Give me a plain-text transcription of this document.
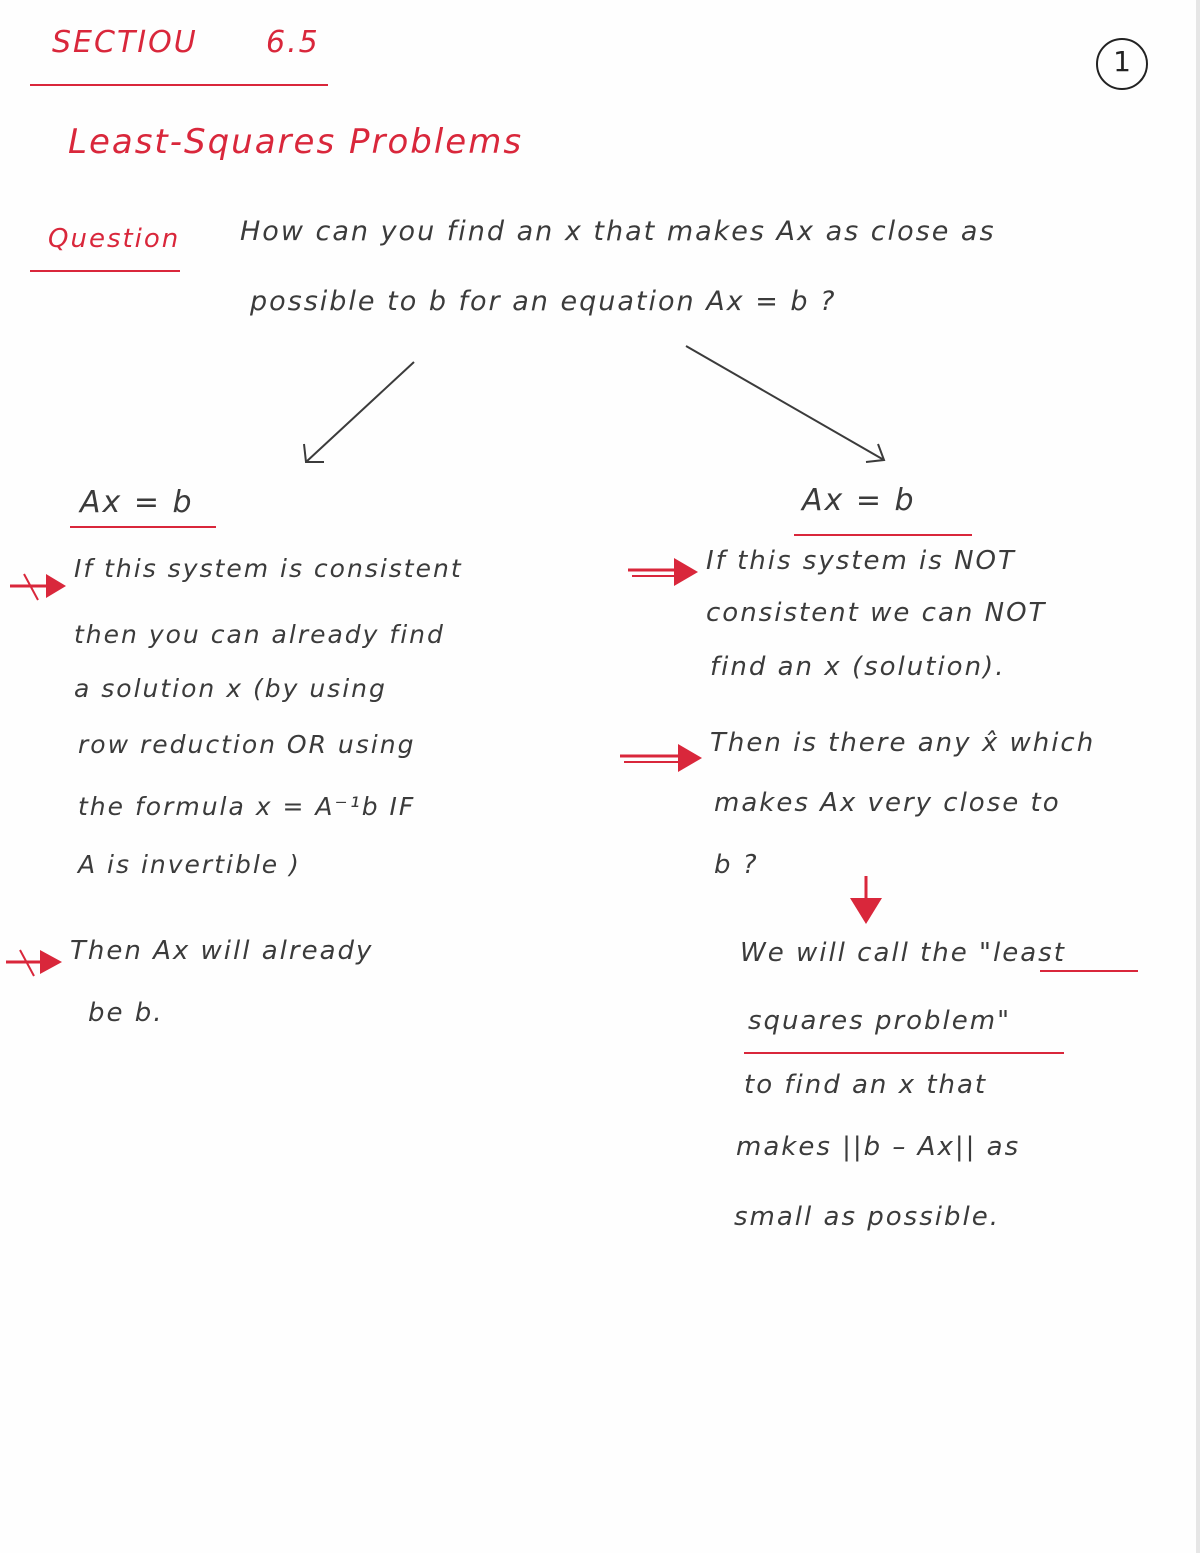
SECTIOU 6.5
1
Least-Squares Problems
Question How can you find an x that makes Ax as close as
possible to b for an equation Ax = b ?
Ax = b
If this system is consistent
then you can already find
a solution x (by using
row reduction OR using
the formula x = A⁻¹b IF
A is invertible )
Then Ax will already
be b.
Ax = b
If this system is NOT
consistent we can NOT
find an x (solution).
Then is there any x̂ which
makes Ax very close to
b ?
We will call the "least
squares problem"
to find an x that
makes ||b – Ax|| as
small as possible.
